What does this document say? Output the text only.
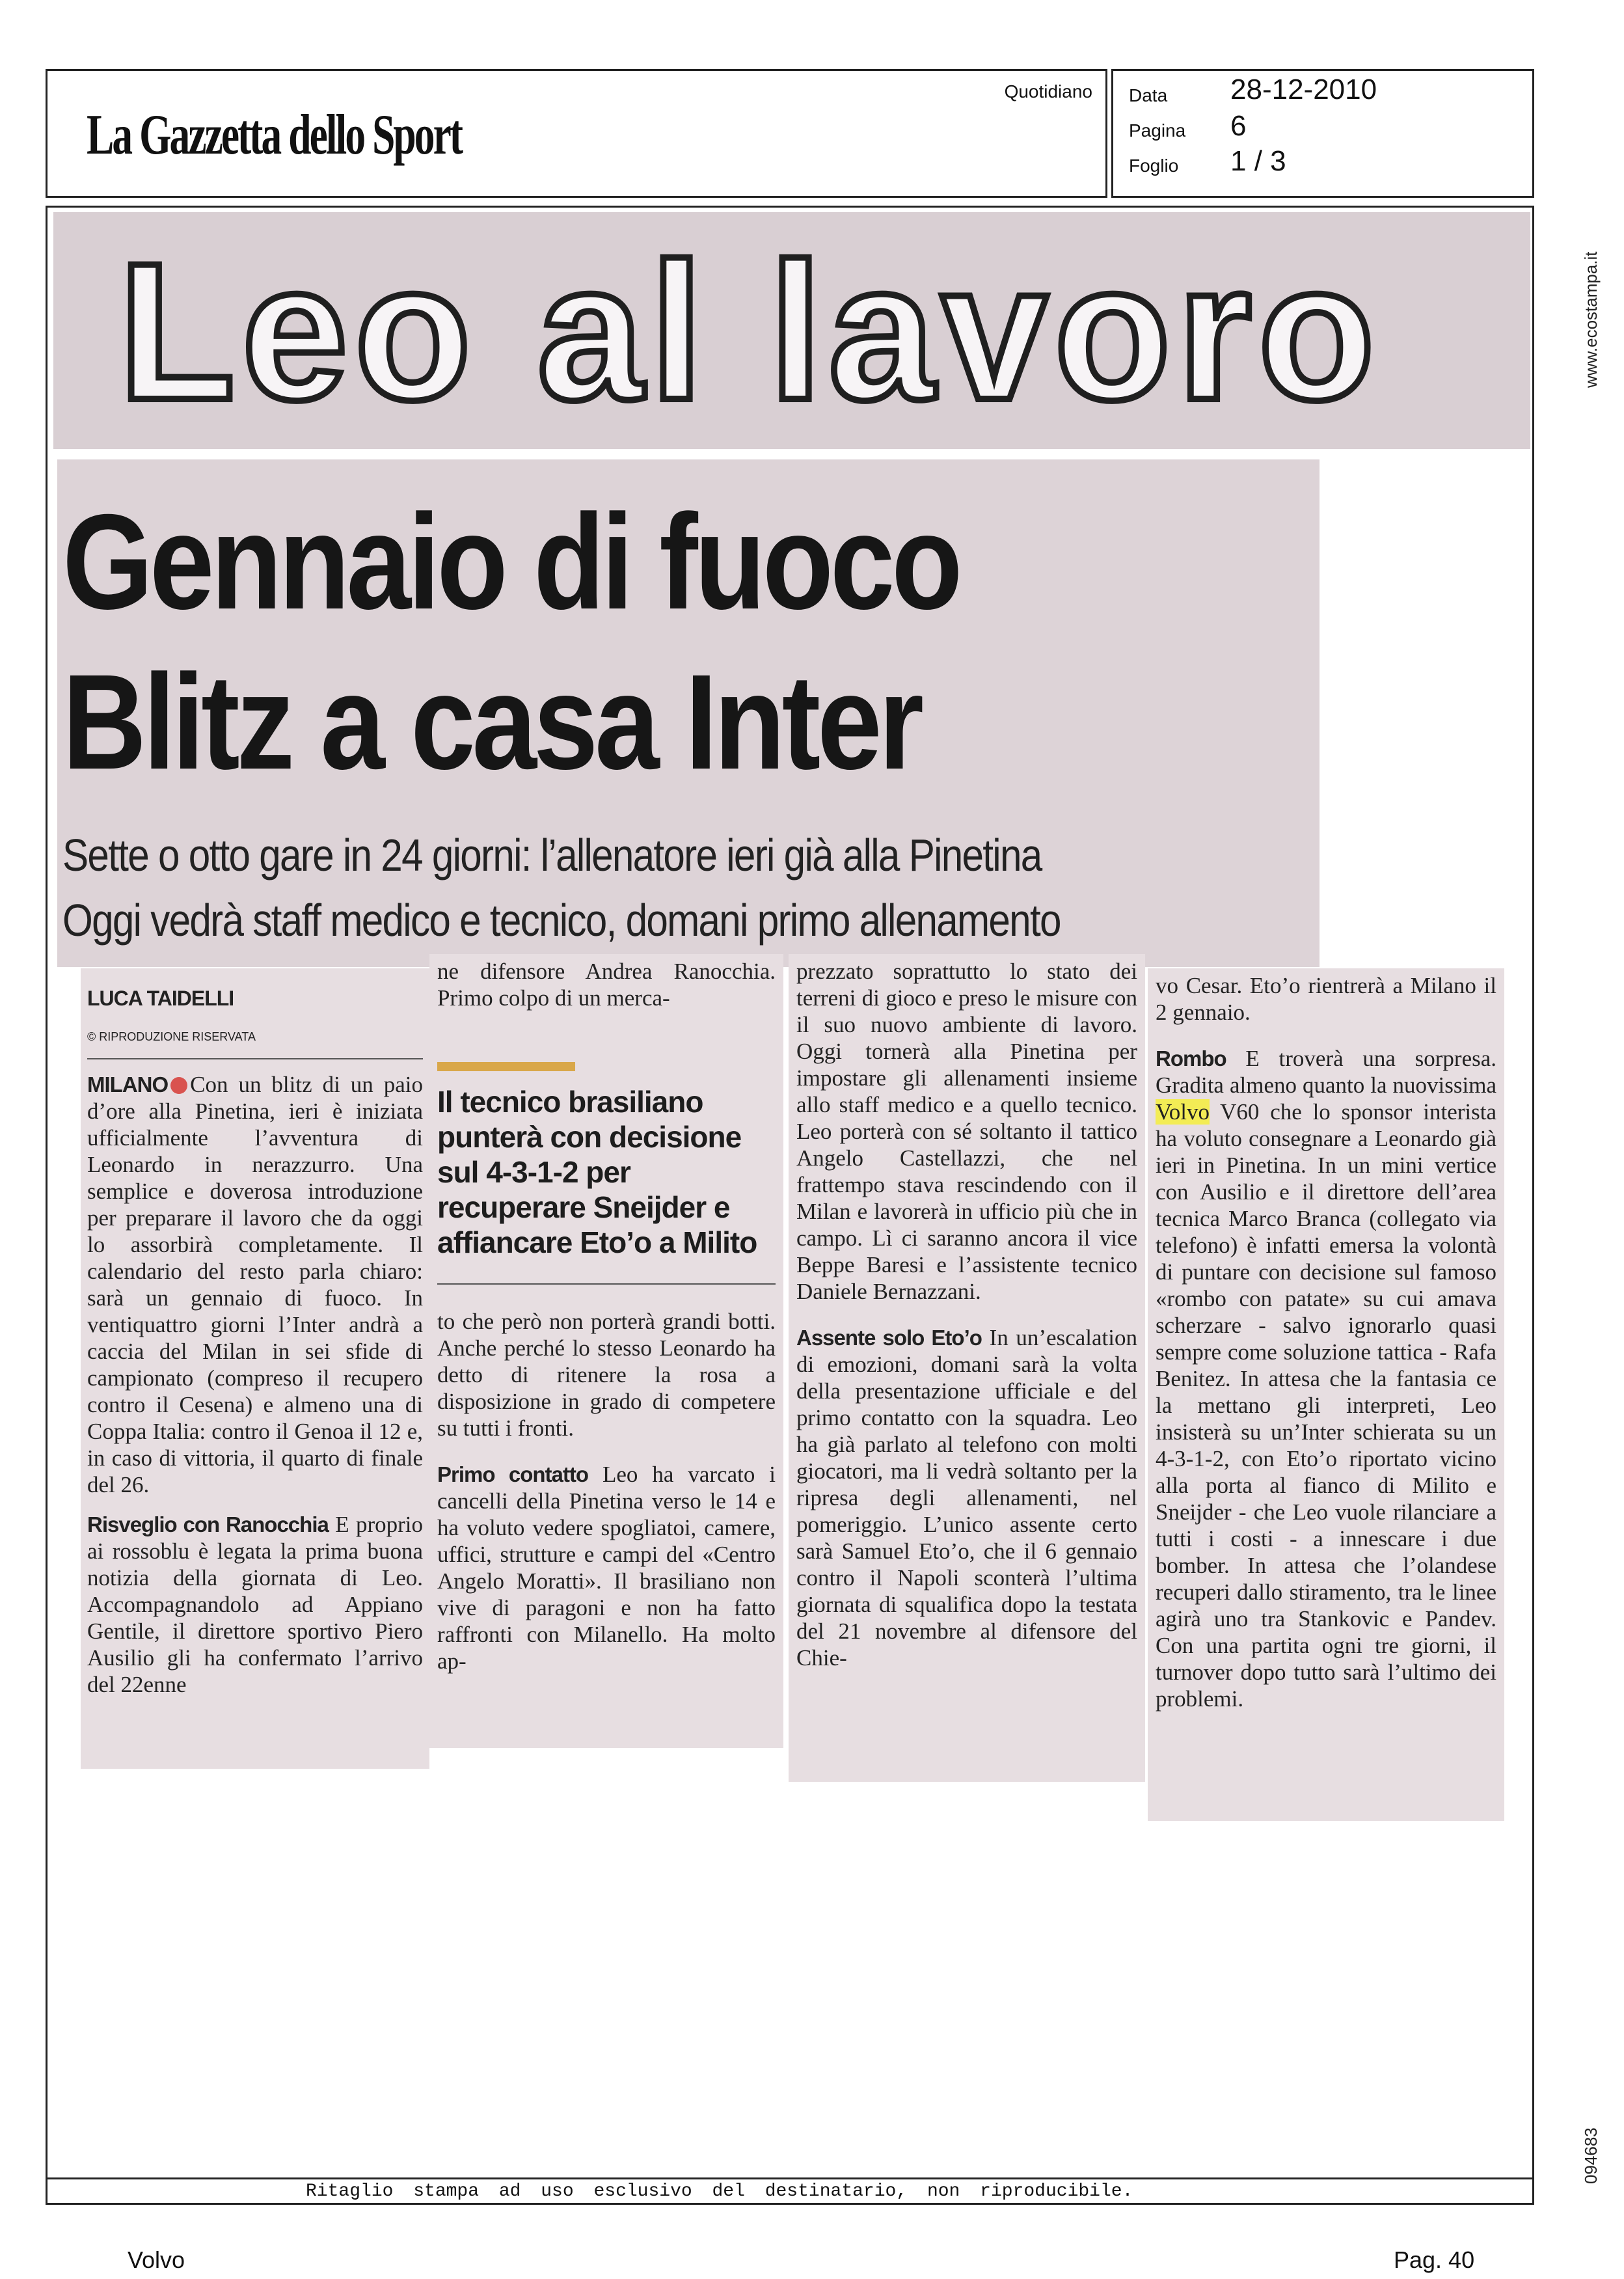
La Gazzetta dello Sport
Quotidiano Data 28-12-2010
Pagina 6
Foglio 1 / 3
Leo al lavoro
Gennaio di fuoco
Blitz a casa Inter
Sette o otto gare in 24 giorni: l’allenatore ieri già alla Pinetina
Oggi vedrà staff medico e tecnico, domani primo allenamento
LUCA TAIDELLI
© RIPRODUZIONE RISERVATA

MILANO Con un blitz di un paio d’ore alla Pinetina, ieri è iniziata ufficialmente l’avventura di Leonardo in nerazzurro. Una semplice e doverosa introduzione per preparare il lavoro che da oggi lo assorbirà completamente. Il calendario del resto parla chiaro: sarà un gennaio di fuoco. In ventiquattro giorni l’Inter andrà a caccia del Milan in sei sfide di campionato (compreso il recupero contro il Cesena) e almeno una di Coppa Italia: contro il Genoa il 12 e, in caso di vittoria, il quarto di finale del 26.

Risveglio con Ranocchia E proprio ai rossoblu è legata la prima buona notizia della giornata di Leo. Accompagnandolo ad Appiano Gentile, il direttore sportivo Piero Ausilio gli ha confermato l’arrivo del 22enne

ne difensore Andrea Ranocchia. Primo colpo di un merca-

Il tecnico brasiliano punterà con decisione sul 4-3-1-2 per recuperare Sneijder e affiancare Eto’o a Milito

to che però non porterà grandi botti. Anche perché lo stesso Leonardo ha detto di ritenere la rosa a disposizione in grado di competere su tutti i fronti.

Primo contatto Leo ha varcato i cancelli della Pinetina verso le 14 e ha voluto vedere spogliatoi, camere, uffici, strutture e campi del «Centro Angelo Moratti». Il brasiliano non vive di paragoni e non ha fatto raffronti con Milanello. Ha molto ap-

prezzato soprattutto lo stato dei terreni di gioco e preso le misure con il suo nuovo ambiente di lavoro. Oggi tornerà alla Pinetina per impostare gli allenamenti insieme allo staff medico e a quello tecnico. Leo porterà con sé soltanto il tattico Angelo Castellazzi, che nel frattempo stava rescindendo con il Milan e lavorerà in ufficio più che in campo. Lì ci saranno ancora il vice Beppe Baresi e l’assistente tecnico Daniele Bernazzani.

Assente solo Eto’o In un’escalation di emozioni, domani sarà la volta della presentazione ufficiale e del primo contatto con la squadra. Leo ha già parlato al telefono con molti giocatori, ma li vedrà soltanto per la ripresa degli allenamenti, nel pomeriggio. L’unico assente certo sarà Samuel Eto’o, che il 6 gennaio contro il Napoli sconterà l’ultima giornata di squalifica dopo la testata del 21 novembre al difensore del Chie-

vo Cesar. Eto’o rientrerà a Milano il 2 gennaio.

Rombo E troverà una sorpresa. Gradita almeno quanto la nuovissima Volvo V60 che lo sponsor interista ha voluto consegnare a Leonardo già ieri in Pinetina. In un mini vertice con Ausilio e il direttore dell’area tecnica Marco Branca (collegato via telefono) è infatti emersa la volontà di puntare con decisione sul famoso «rombo con patate» su cui amava scherzare - salvo ignorarlo quasi sempre come soluzione tattica - Rafa Benitez. In attesa che la fantasia ce la mettano gli interpreti, Leo insisterà su un’Inter schierata su un 4-3-1-2, con Eto’o riportato vicino alla porta al fianco di Milito e Sneijder - che Leo vuole rilanciare a tutti i costi - a innescare i due bomber. In attesa che l’olandese recuperi dallo stiramento, tra le linee agirà uno tra Stankovic e Pandev. Con una partita ogni tre giorni, il turnover dopo tutto sarà l’ultimo dei problemi.

www.ecostampa.it
094683
Ritaglio stampa ad uso esclusivo del destinatario, non riproducibile.
Volvo	Pag. 40
